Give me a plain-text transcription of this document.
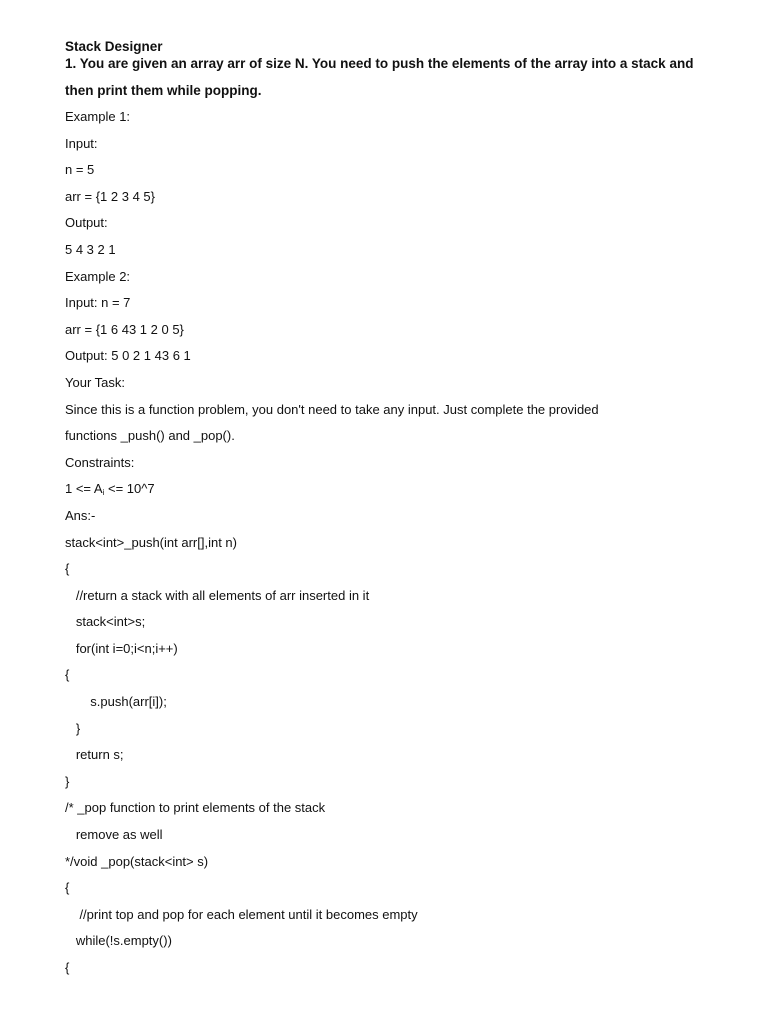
Stack Designer

1. You are given an array arr of size N. You need to push the elements of the array into a stack and then print them while popping.

Example 1:

Input:

n = 5

arr = {1 2 3 4 5}

Output:

5 4 3 2 1

Example 2:

Input: n = 7

arr = {1 6 43 1 2 0 5}

Output: 5 0 2 1 43 6 1

Your Task:

Since this is a function problem, you don't need to take any input. Just complete the provided

functions _push() and _pop().

Constraints:

$1 <= A_i$ <= 10^7

Ans:-

stack<int>_push(int arr[],int n)

{

//return a stack with all elements of arr inserted in it

stack<int>s;

for(int i=0;i<n;i++)

{

s.push(arr[i]);

}

return s;

}

/* _pop function to print elements of the stack

remove as well

*/void _pop(stack<int> s)

{

//print top and pop for each element until it becomes empty

while(!s.empty())

{
